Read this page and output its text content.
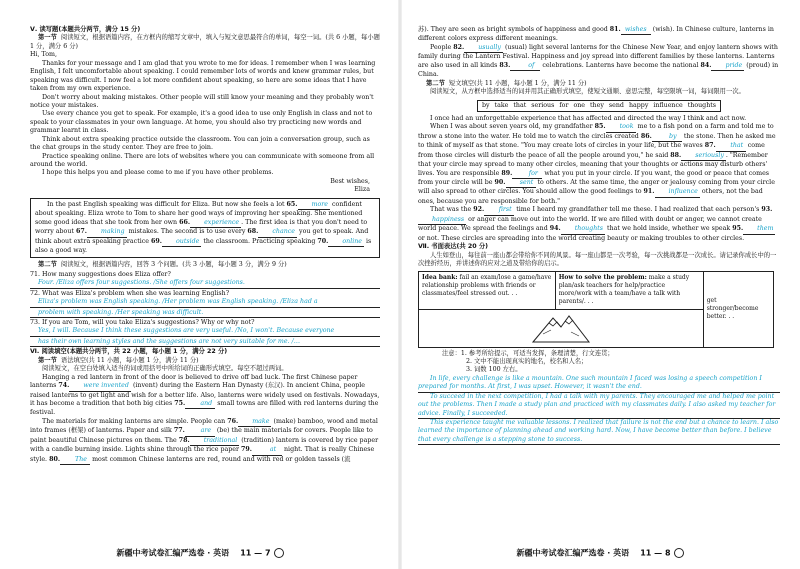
Ⅴ. 读写题(本题共分两节，满分 15 分)

第一节 阅读短文，根据语篇内容，在方框内的缩写文章中，填入与短文意思最符合的单词，每空一词。(共 6 小题，每小题 1 分，满分 6 分)

Hi, Tom,

Thanks for your message and I am glad that you wrote to me for ideas. I remember when I was learning English, I felt uncomfortable about speaking. I could remember lots of words and knew grammar rules, but speaking was difficult. I now feel a lot more confident about speaking, so here are some ideas that I have taken from my own experience.

Don't worry about making mistakes. Other people will still know your meaning and they probably won't notice your mistakes.

Use every chance you get to speak. For example, it's a good idea to use only English in class and not to speak to your classmates in your own language. At home, you should also try practicing new words and grammar learnt in class.

Think about extra speaking practice outside the classroom. You can join a conversation group, such as the chat groups in the study center. They are free to join.

Practice speaking online. There are lots of websites where you can communicate with someone from all around the world.

I hope this helps you and please come to me if you have other problems.

Best wishes,

Eliza

In the past English speaking was difficult for Eliza. But now she feels a lot 65. more confident about speaking. Eliza wrote to Tom to share her good ways of improving her speaking. She mentioned some good ideas that she took from her own 66. experience . The first idea is that you don't need to worry about 67. making mistakes. The second is to use every 68. chance you get to speak. And think about extra speaking practice 69. outside the classroom. Practicing speaking 70. online is also a good way.

第二节 阅读短文，根据语篇内容，回答 3 个问题。(共 3 小题，每小题 3 分，满分 9 分)

71. How many suggestions does Eliza offer?

Four. /Eliza offers four suggestions. /She offers four suggestions.

72. What was Eliza's problem when she was learning English?

Eliza's problem was English speaking. /Her problem was English speaking. /Eliza had a
problem with speaking. /Her speaking was difficult.

73. If you are Tom, will you take Eliza's suggestions? Why or why not?

Yes, I will. Because I think these suggestions are very useful. /No, I won't. Because everyone
has their own learning styles and the suggestions are not very suitable for me. /…

Ⅵ. 阅读填空(本题共分两节，共 22 小题，每小题 1 分，满分 22 分)

第一节 语法填空(共 11 小题，每小题 1 分，满分 11 分)

阅读短文，在空白处填入适当的词或用括号中所给词的正确形式填空。每空不超过两词。

Hanging a red lantern in front of the door is believed to drive off bad luck. The first Chinese paper lanterns 74. were invented (invent) during the Eastern Han Dynasty (东汉). In ancient China, people raised lanterns to get light and wish for a better life. Also, lanterns were widely used on festivals. Nowadays, it has become a tradition that both big cities 75. and small towns are filled with red lanterns during the festival.

The materials for making lanterns are simple. People can 76. make (make) bamboo, wood and metal into frames (框架) of lanterns. Paper and silk 77.	are (be) the main materials for covers. People like to paint beautiful Chinese pictures on them. The 78. traditional (tradition) lantern is covered by rice paper with a candle burning inside. Lights shine through the rice paper 79.	at night. That is really Chinese style. 80. The most common Chinese lanterns are red, round and with red or golden tassels (流

新疆中考试卷汇编严选卷 · 英语 11 — 7

苏). They are seen as bright symbols of happiness and good 81. wishes (wish). In Chinese culture, lanterns in different colors express different meanings.

People 82. usually (usual) light several lanterns for the Chinese New Year, and enjoy lantern shows with family during the Lantern Festival. Happiness and joy spread into different families by these lanterns. Lanterns are also used in all kinds 83.	of celebrations. Lanterns have become the national 84. pride (proud) in China.

第二节 短文填空(共 11 小题，每小题 1 分，满分 11 分)

阅读短文，从方框中选择适当的词并用其正确形式填空，使短文通顺、意思完整，每空限填一词，每词限用一次。

by take that serious for one they send happy influence thoughts

I once had an unforgettable experience that has affected and directed the way I think and act now.

When I was about seven years old, my grandfather 85. took me to a fish pond on a farm and told me to throw a stone into the water. He told me to watch the circles created 86.	by the stone. Then he asked me to think of myself as that stone. "You may create lots of circles in your life, but the waves 87. that come from those circles will disturb the peace of all the people around you," he said 88. seriously . "Remember that your circle may spread to many other circles, meaning that your thoughts or actions may disturb others' lives. You are responsible 89.	for what you put in your circle. If you want, the good or peace that comes from your circle will be 90. sent to others. At the same time, the anger or jealousy coming from your circle will also spread to other circles. You should allow the good feelings to 91. influence others, not the bad ones, because you are responsible for both."

That was the 92. first time I heard my grandfather tell me these. I had realized that each person's 93.happiness or anger can move out into the world. If we are filled with doubt or anger, we cannot create world peace. We spread the feelings and 94. thoughts that we hold inside, whether we speak 95. them or not. These circles are spreading into the world creating beauty or making troubles to other circles.

Ⅶ. 书面表达(共 20 分)

人生如登山，每往前一座山都会带给你不同的风景。每一座山都是一次考验，每一次挑战都是一次成长。请记录你成长中的一次挫折经历，并讲述你的应对之道及带给你的启示。

Idea bank: fail an exam/lose a game/have relationship problems with friends or classmates/feel stressed out. . .	How to solve the problem: make a study plan/ask teachers for help/practice more/work with a team/have a talk with parents/. . .	get stronger/become better. . .

注意：1. 参考所给提示，可适当发挥，条理清楚，行文连贯；

2. 文中不能出现真实的地名，校名和人名；

3. 词数 100 左右。

In life, every challenge is like a mountain. One such mountain I faced was losing a speech competition I prepared for months. At first, I was upset. However, it wasn't the end.

To succeed in the next competition, I had a talk with my parents. They encouraged me and helped me point out the problems. Then I made a study plan and practiced with my classmates daily. I also asked my teacher for advice. Finally, I succeeded.

This experience taught me valuable lessons. I realized that failure is not the end but a chance to learn. I also learned the importance of planning ahead and working hard. Now, I have become better than before. I believe that every challenge is a stepping stone to success.

新疆中考试卷汇编严选卷 · 英语 11 — 8
